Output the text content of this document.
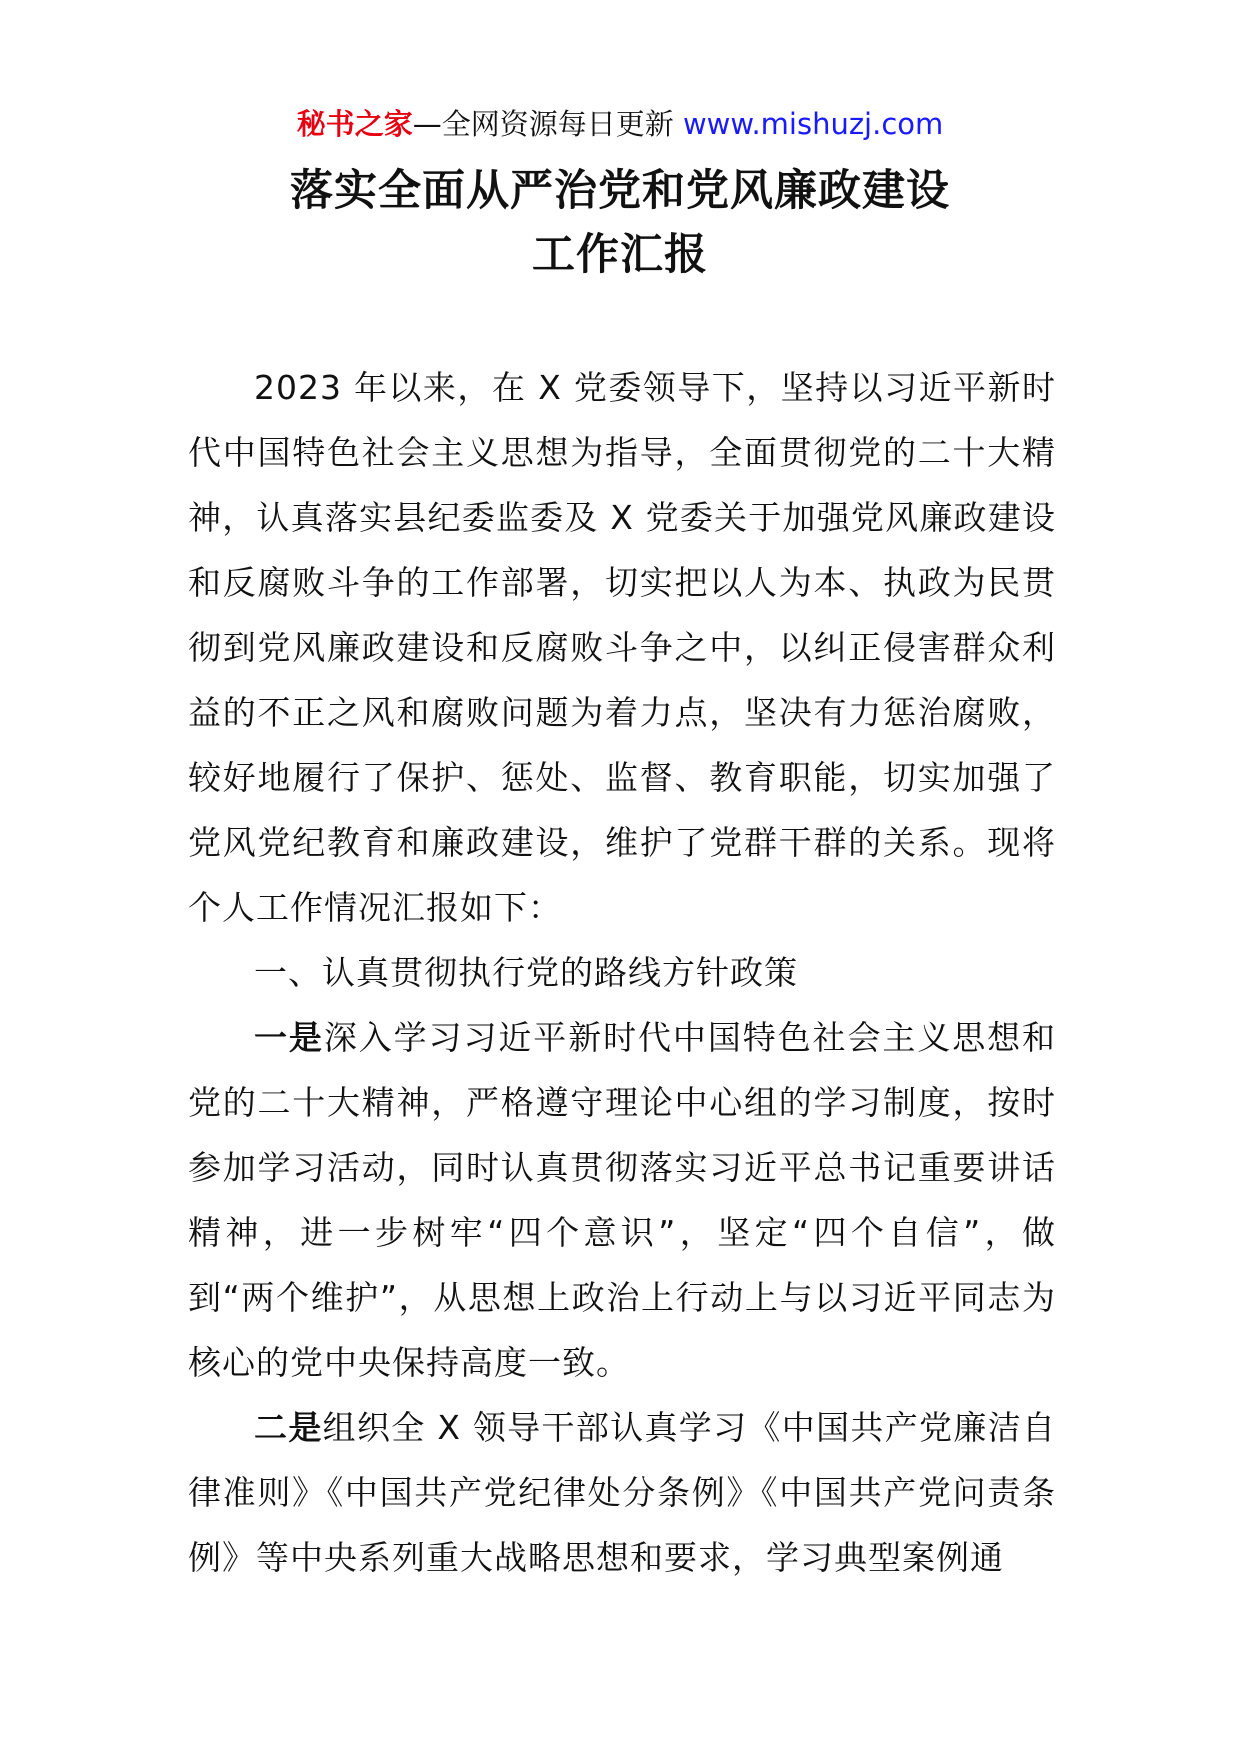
秘书之家—全网资源每日更新 www.mishuzj.com
落实全面从严治党和党风廉政建设
工作汇报

2023 年以来，在 X 党委领导下，坚持以习近平新时代中国特色社会主义思想为指导，全面贯彻党的二十大精神，认真落实县纪委监委及 X 党委关于加强党风廉政建设和反腐败斗争的工作部署，切实把以人为本、执政为民贯彻到党风廉政建设和反腐败斗争之中，以纠正侵害群众利益的不正之风和腐败问题为着力点，坚决有力惩治腐败，较好地履行了保护、惩处、监督、教育职能，切实加强了党风党纪教育和廉政建设，维护了党群干群的关系。现将个人工作情况汇报如下：

一、认真贯彻执行党的路线方针政策

一是深入学习习近平新时代中国特色社会主义思想和党的二十大精神，严格遵守理论中心组的学习制度，按时参加学习活动，同时认真贯彻落实习近平总书记重要讲话精神，进一步树牢“四个意识”，坚定“四个自信”，做到“两个维护”，从思想上政治上行动上与以习近平同志为核心的党中央保持高度一致。

二是组织全 X 领导干部认真学习《中国共产党廉洁自律准则》《中国共产党纪律处分条例》《中国共产党问责条例》等中央系列重大战略思想和要求，学习典型案例通
